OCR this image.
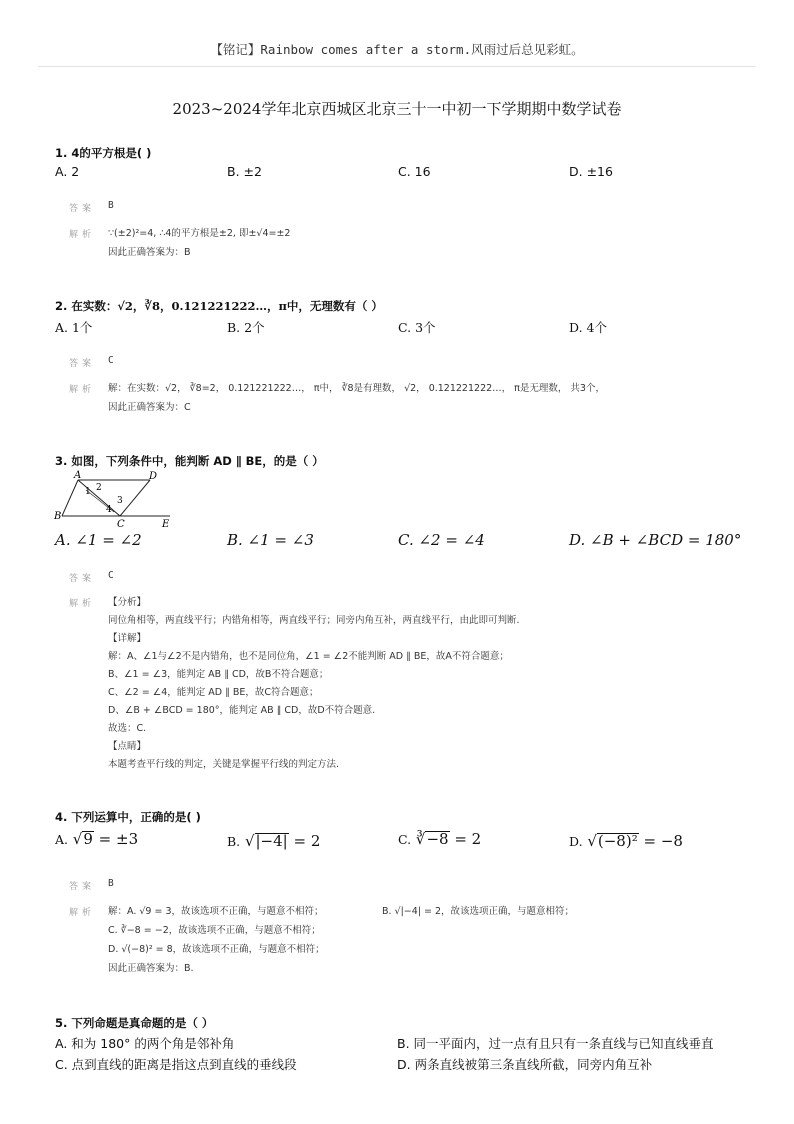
【铭记】Rainbow comes after a storm.风雨过后总见彩虹。
2023~2024学年北京西城区北京三十一中初一下学期期中数学试卷
1. 4的平方根是( )
A. 2	B. ±2	C. 16	D. ±16
答案 B
解析 ∵(±2)²=4, ∴4的平方根是±2, 即±√4=±2
因此正确答案为：B
2. 在实数：√2，∛8，0.121221222…，π中，无理数有（ ）
A. 1个	B. 2个	C. 3个	D. 4个
答案 C
解析 解：在实数：√2， ∛8=2， 0.121221222…， π中， ∛8是有理数， √2， 0.121221222…， π是无理数， 共3个，
因此正确答案为：C
3. 如图，下列条件中，能判断 AD ∥ BE，的是（ ）
A	D
B
C	E
1 2
3
4
A. ∠1 = ∠2	B. ∠1 = ∠3	C. ∠2 = ∠4	D. ∠B + ∠BCD = 180°
答案 C
解析 【分析】
同位角相等，两直线平行；内错角相等，两直线平行；同旁内角互补，两直线平行，由此即可判断.
【详解】
解：A、∠1与∠2不是内错角，也不是同位角，∠1 = ∠2不能判断 AD ∥ BE，故A不符合题意；
B、∠1 = ∠3，能判定 AB ∥ CD，故B不符合题意；
C、∠2 = ∠4，能判定 AD ∥ BE，故C符合题意；
D、∠B + ∠BCD = 180°，能判定 AB ∥ CD，故D不符合题意.
故选：C.
【点睛】
本题考查平行线的判定，关键是掌握平行线的判定方法.
4. 下列运算中，正确的是( )
A. √9 = ±3	B. √|−4| = 2	C. ∛−8 = 2	D. √(−8)² = −8
答案 B
解析 解：A. √9 = 3，故该选项不正确，与题意不相符；	B. √|−4| = 2，故该选项正确，与题意相符；
C. ∛−8 = −2，故该选项不正确，与题意不相符；
D. √(−8)² = 8，故该选项不正确，与题意不相符；
因此正确答案为：B.
5. 下列命题是真命题的是（ ）
A. 和为 180° 的两个角是邻补角	B. 同一平面内，过一点有且只有一条直线与已知直线垂直
C. 点到直线的距离是指这点到直线的垂线段	D. 两条直线被第三条直线所截，同旁内角互补
